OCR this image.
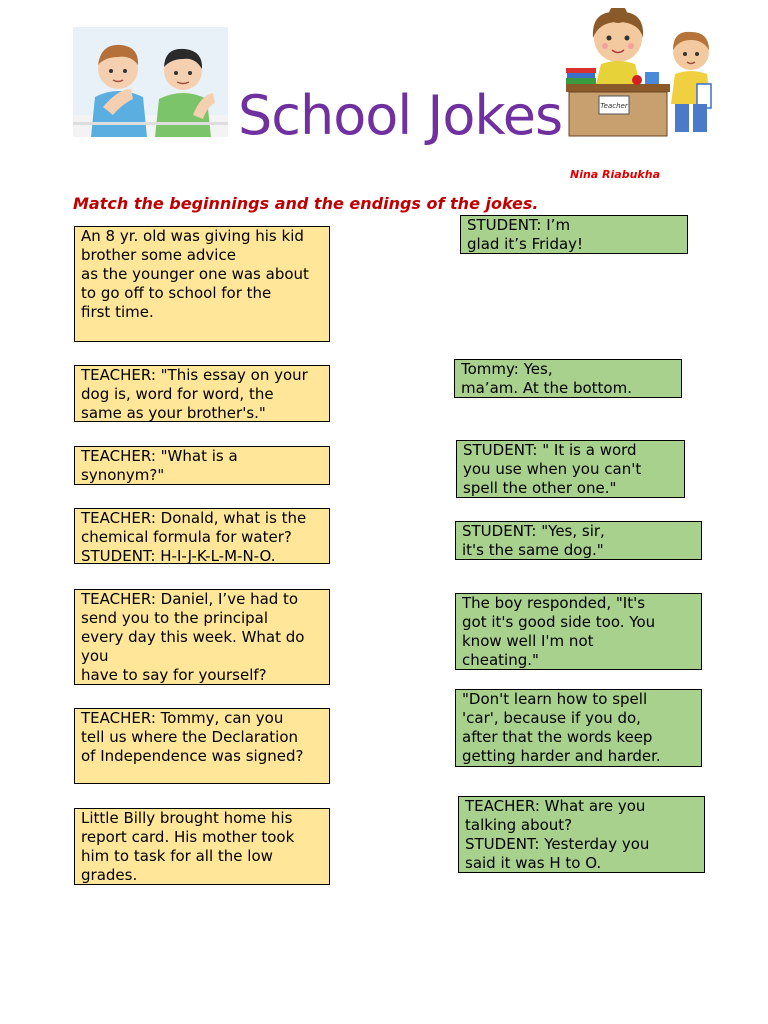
School Jokes	Teacher
Nina Riabukha
Match the beginnings and the endings of the jokes.
An 8 yr. old was giving his kid
brother some advice
as the younger one was about
to go off to school for the
first time.
TEACHER: "This essay on your
dog is, word for word, the
same as your brother's."
TEACHER: "What is a
synonym?"
TEACHER: Donald, what is the
chemical formula for water?
STUDENT: H-I-J-K-L-M-N-O.
TEACHER: Daniel, I’ve had to
send you to the principal
every day this week. What do
you
have to say for yourself?
TEACHER: Tommy, can you
tell us where the Declaration
of Independence was signed?
Little Billy brought home his
report card. His mother took
him to task for all the low
grades.
STUDENT: I’m
glad it’s Friday!
Tommy: Yes,
ma’am. At the bottom.
STUDENT: " It is a word
you use when you can't
spell the other one."
STUDENT: "Yes, sir,
it's the same dog."
The boy responded, "It's
got it's good side too. You
know well I'm not
cheating."
"Don't learn how to spell
'car', because if you do,
after that the words keep
getting harder and harder.
TEACHER: What are you
talking about?
STUDENT: Yesterday you
said it was H to O.
